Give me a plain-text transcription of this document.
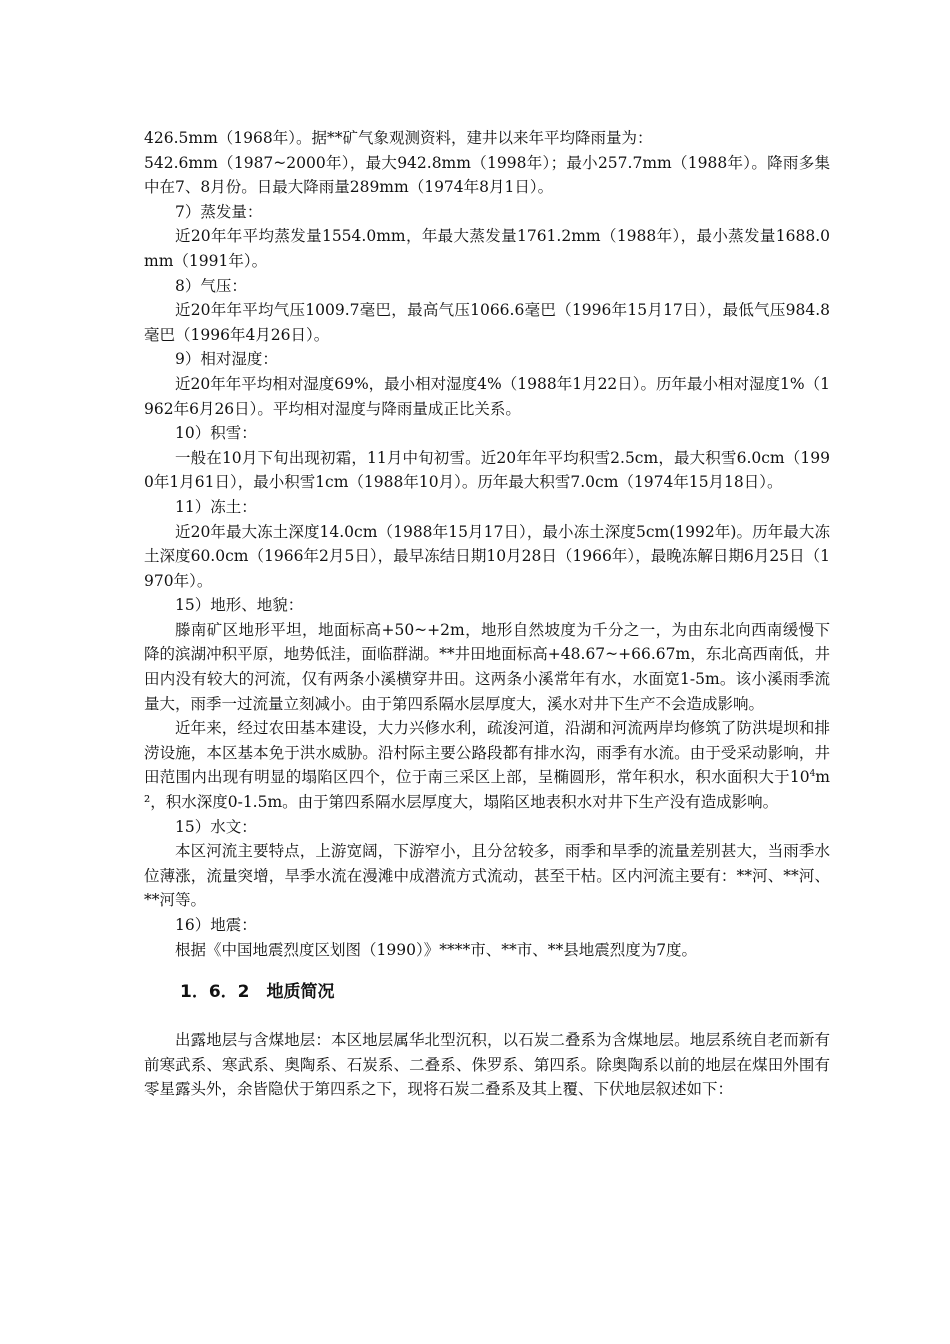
426.5mm（1968年）。据**矿气象观测资料，建井以来年平均降雨量为：

542.6mm（1987~2000年），最大942.8mm（1998年）；最小257.7mm（1988年）。降雨多集中在7、8月份。日最大降雨量289mm（1974年8月1日）。

7）蒸发量：

近20年年平均蒸发量1554.0mm，年最大蒸发量1761.2mm（1988年），最小蒸发量1688.0mm（1991年）。

8）气压：

近20年年平均气压1009.7毫巴，最高气压1066.6毫巴（1996年15月17日），最低气压984.8毫巴（1996年4月26日）。

9）相对湿度：

近20年年平均相对湿度69%，最小相对湿度4%（1988年1月22日）。历年最小相对湿度1%（1962年6月26日）。平均相对湿度与降雨量成正比关系。

10）积雪：

一般在10月下旬出现初霜，11月中旬初雪。近20年年平均积雪2.5cm，最大积雪6.0cm（1990年1月61日），最小积雪1cm（1988年10月）。历年最大积雪7.0cm（1974年15月18日）。

11）冻土：

近20年最大冻土深度14.0cm（1988年15月17日），最小冻土深度5cm(1992年)。历年最大冻土深度60.0cm（1966年2月5日），最早冻结日期10月28日（1966年），最晚冻解日期6月25日（1970年）。

15）地形、地貌：

滕南矿区地形平坦，地面标高+50~+2m，地形自然坡度为千分之一，为由东北向西南缓慢下降的滨湖冲积平原，地势低洼，面临群湖。**井田地面标高+48.67~+66.67m，东北高西南低，井田内没有较大的河流，仅有两条小溪横穿井田。这两条小溪常年有水，水面宽1-5m。该小溪雨季流量大，雨季一过流量立刻减小。由于第四系隔水层厚度大，溪水对井下生产不会造成影响。

近年来，经过农田基本建设，大力兴修水利，疏浚河道，沿湖和河流两岸均修筑了防洪堤坝和排涝设施，本区基本免于洪水威胁。沿村际主要公路段都有排水沟，雨季有水流。由于受采动影响，井田范围内出现有明显的塌陷区四个，位于南三采区上部，呈椭圆形，常年积水，积水面积大于$10^4m^2$，积水深度0-1.5m。由于第四系隔水层厚度大，塌陷区地表积水对井下生产没有造成影响。

15）水文：

本区河流主要特点，上游宽阔，下游窄小，且分岔较多，雨季和旱季的流量差别甚大，当雨季水位薄涨，流量突增，旱季水流在漫滩中成潜流方式流动，甚至干枯。区内河流主要有：**河、**河、**河等。

16）地震：

根据《中国地震烈度区划图（1990）》****市、**市、**县地震烈度为7度。

1．6．2　地质简况

出露地层与含煤地层：本区地层属华北型沉积，以石炭二叠系为含煤地层。地层系统自老而新有前寒武系、寒武系、奥陶系、石炭系、二叠系、侏罗系、第四系。除奥陶系以前的地层在煤田外围有零星露头外，余皆隐伏于第四系之下，现将石炭二叠系及其上覆、下伏地层叙述如下：
